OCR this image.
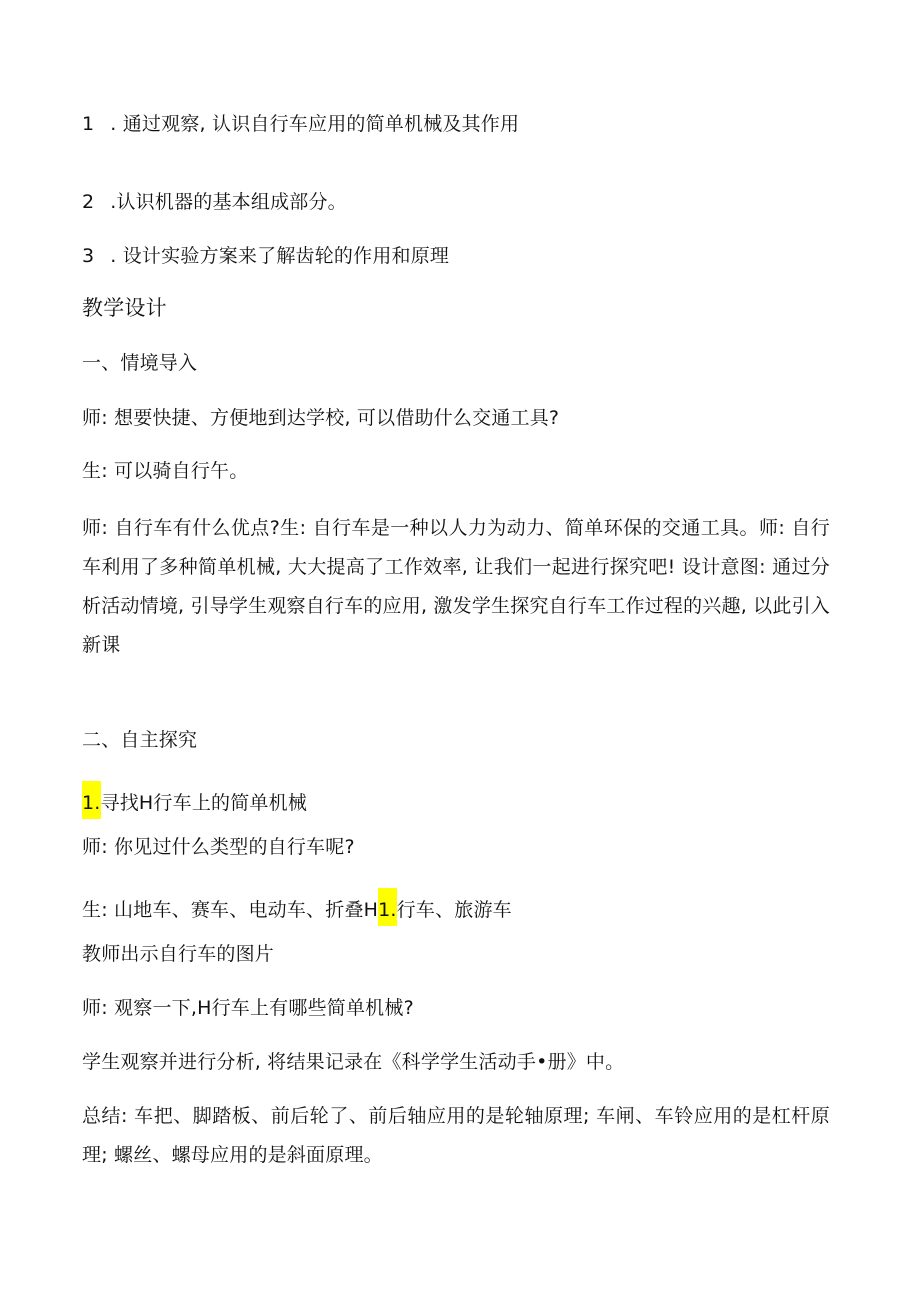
1 . 通过观察, 认识自行车应用的简单机械及其作用
2 .认识机器的基本组成部分。
3 . 设计实验方案来了解齿轮的作用和原理
教学设计
一、情境导入
师: 想要快捷、方便地到达学校, 可以借助什么交通工具?
生: 可以骑自行午。
师: 自行车有什么优点?生: 自行车是一种以人力为动力、简单环保的交通工具。师: 自行车利用了多种简单机械, 大大提高了工作效率, 让我们一起进行探究吧! 设计意图: 通过分析活动情境, 引导学生观察自行车的应用, 激发学生探究自行车工作过程的兴趣, 以此引入新课
二、自主探究
1.寻找H行车上的简单机械
师: 你见过什么类型的自行车呢?
生: 山地车、赛车、电动车、折叠H1.行车、旅游车
教师出示自行车的图片
师: 观察一下,H行车上有哪些简单机械?
学生观察并进行分析, 将结果记录在《科学学生活动手•册》中。
总结: 车把、脚踏板、前后轮了、前后轴应用的是轮轴原理; 车闸、车铃应用的是杠杆原理; 螺丝、螺母应用的是斜面原理。
